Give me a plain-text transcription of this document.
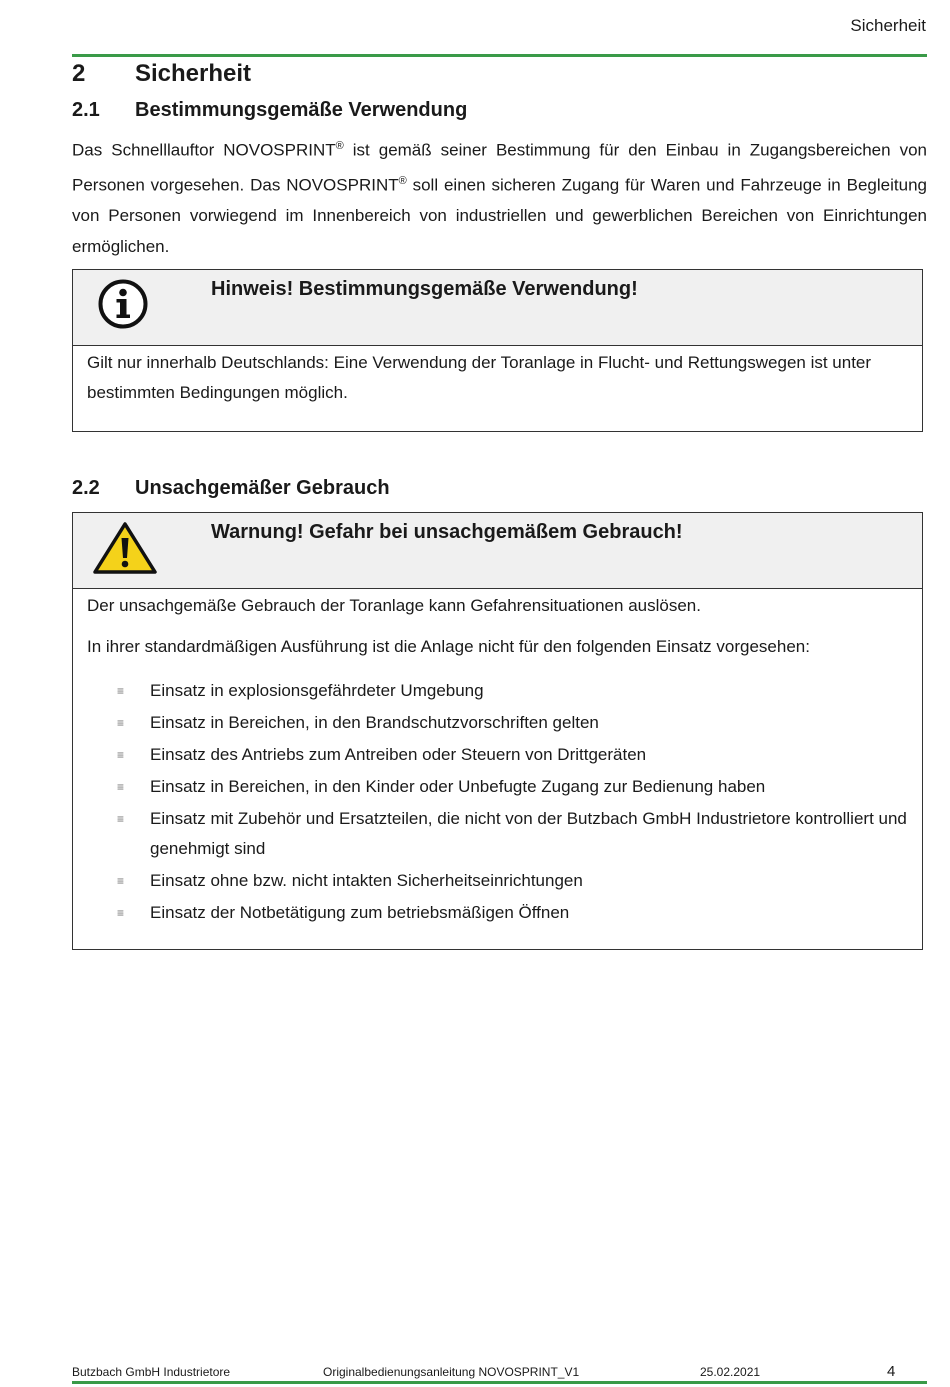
Sicherheit
2 Sicherheit
2.1 Bestimmungsgemäße Verwendung
Das Schnelllauftor NOVOSPRINT® ist gemäß seiner Bestimmung für den Einbau in Zugangsbereichen von Personen vorgesehen. Das NOVOSPRINT® soll einen sicheren Zugang für Waren und Fahrzeuge in Begleitung von Personen vorwiegend im Innenbereich von industriellen und gewerblichen Bereichen von Einrichtungen ermöglichen.
Hinweis! Bestimmungsgemäße Verwendung!
Gilt nur innerhalb Deutschlands: Eine Verwendung der Toranlage in Flucht- und Rettungswegen ist unter bestimmten Bedingungen möglich.
2.2 Unsachgemäßer Gebrauch
Warnung! Gefahr bei unsachgemäßem Gebrauch!
Der unsachgemäße Gebrauch der Toranlage kann Gefahrensituationen auslösen.
In ihrer standardmäßigen Ausführung ist die Anlage nicht für den folgenden Einsatz vorgesehen:
≡ Einsatz in explosionsgefährdeter Umgebung
≡ Einsatz in Bereichen, in den Brandschutzvorschriften gelten
≡ Einsatz des Antriebs zum Antreiben oder Steuern von Drittgeräten
≡ Einsatz in Bereichen, in den Kinder oder Unbefugte Zugang zur Bedienung haben
≡ Einsatz mit Zubehör und Ersatzteilen, die nicht von der Butzbach GmbH Industrietore kontrolliert und genehmigt sind
≡ Einsatz ohne bzw. nicht intakten Sicherheitseinrichtungen
≡ Einsatz der Notbetätigung zum betriebsmäßigen Öffnen
Butzbach GmbH Industrietore	Originalbedienungsanleitung NOVOSPRINT_V1	25.02.2021	4
